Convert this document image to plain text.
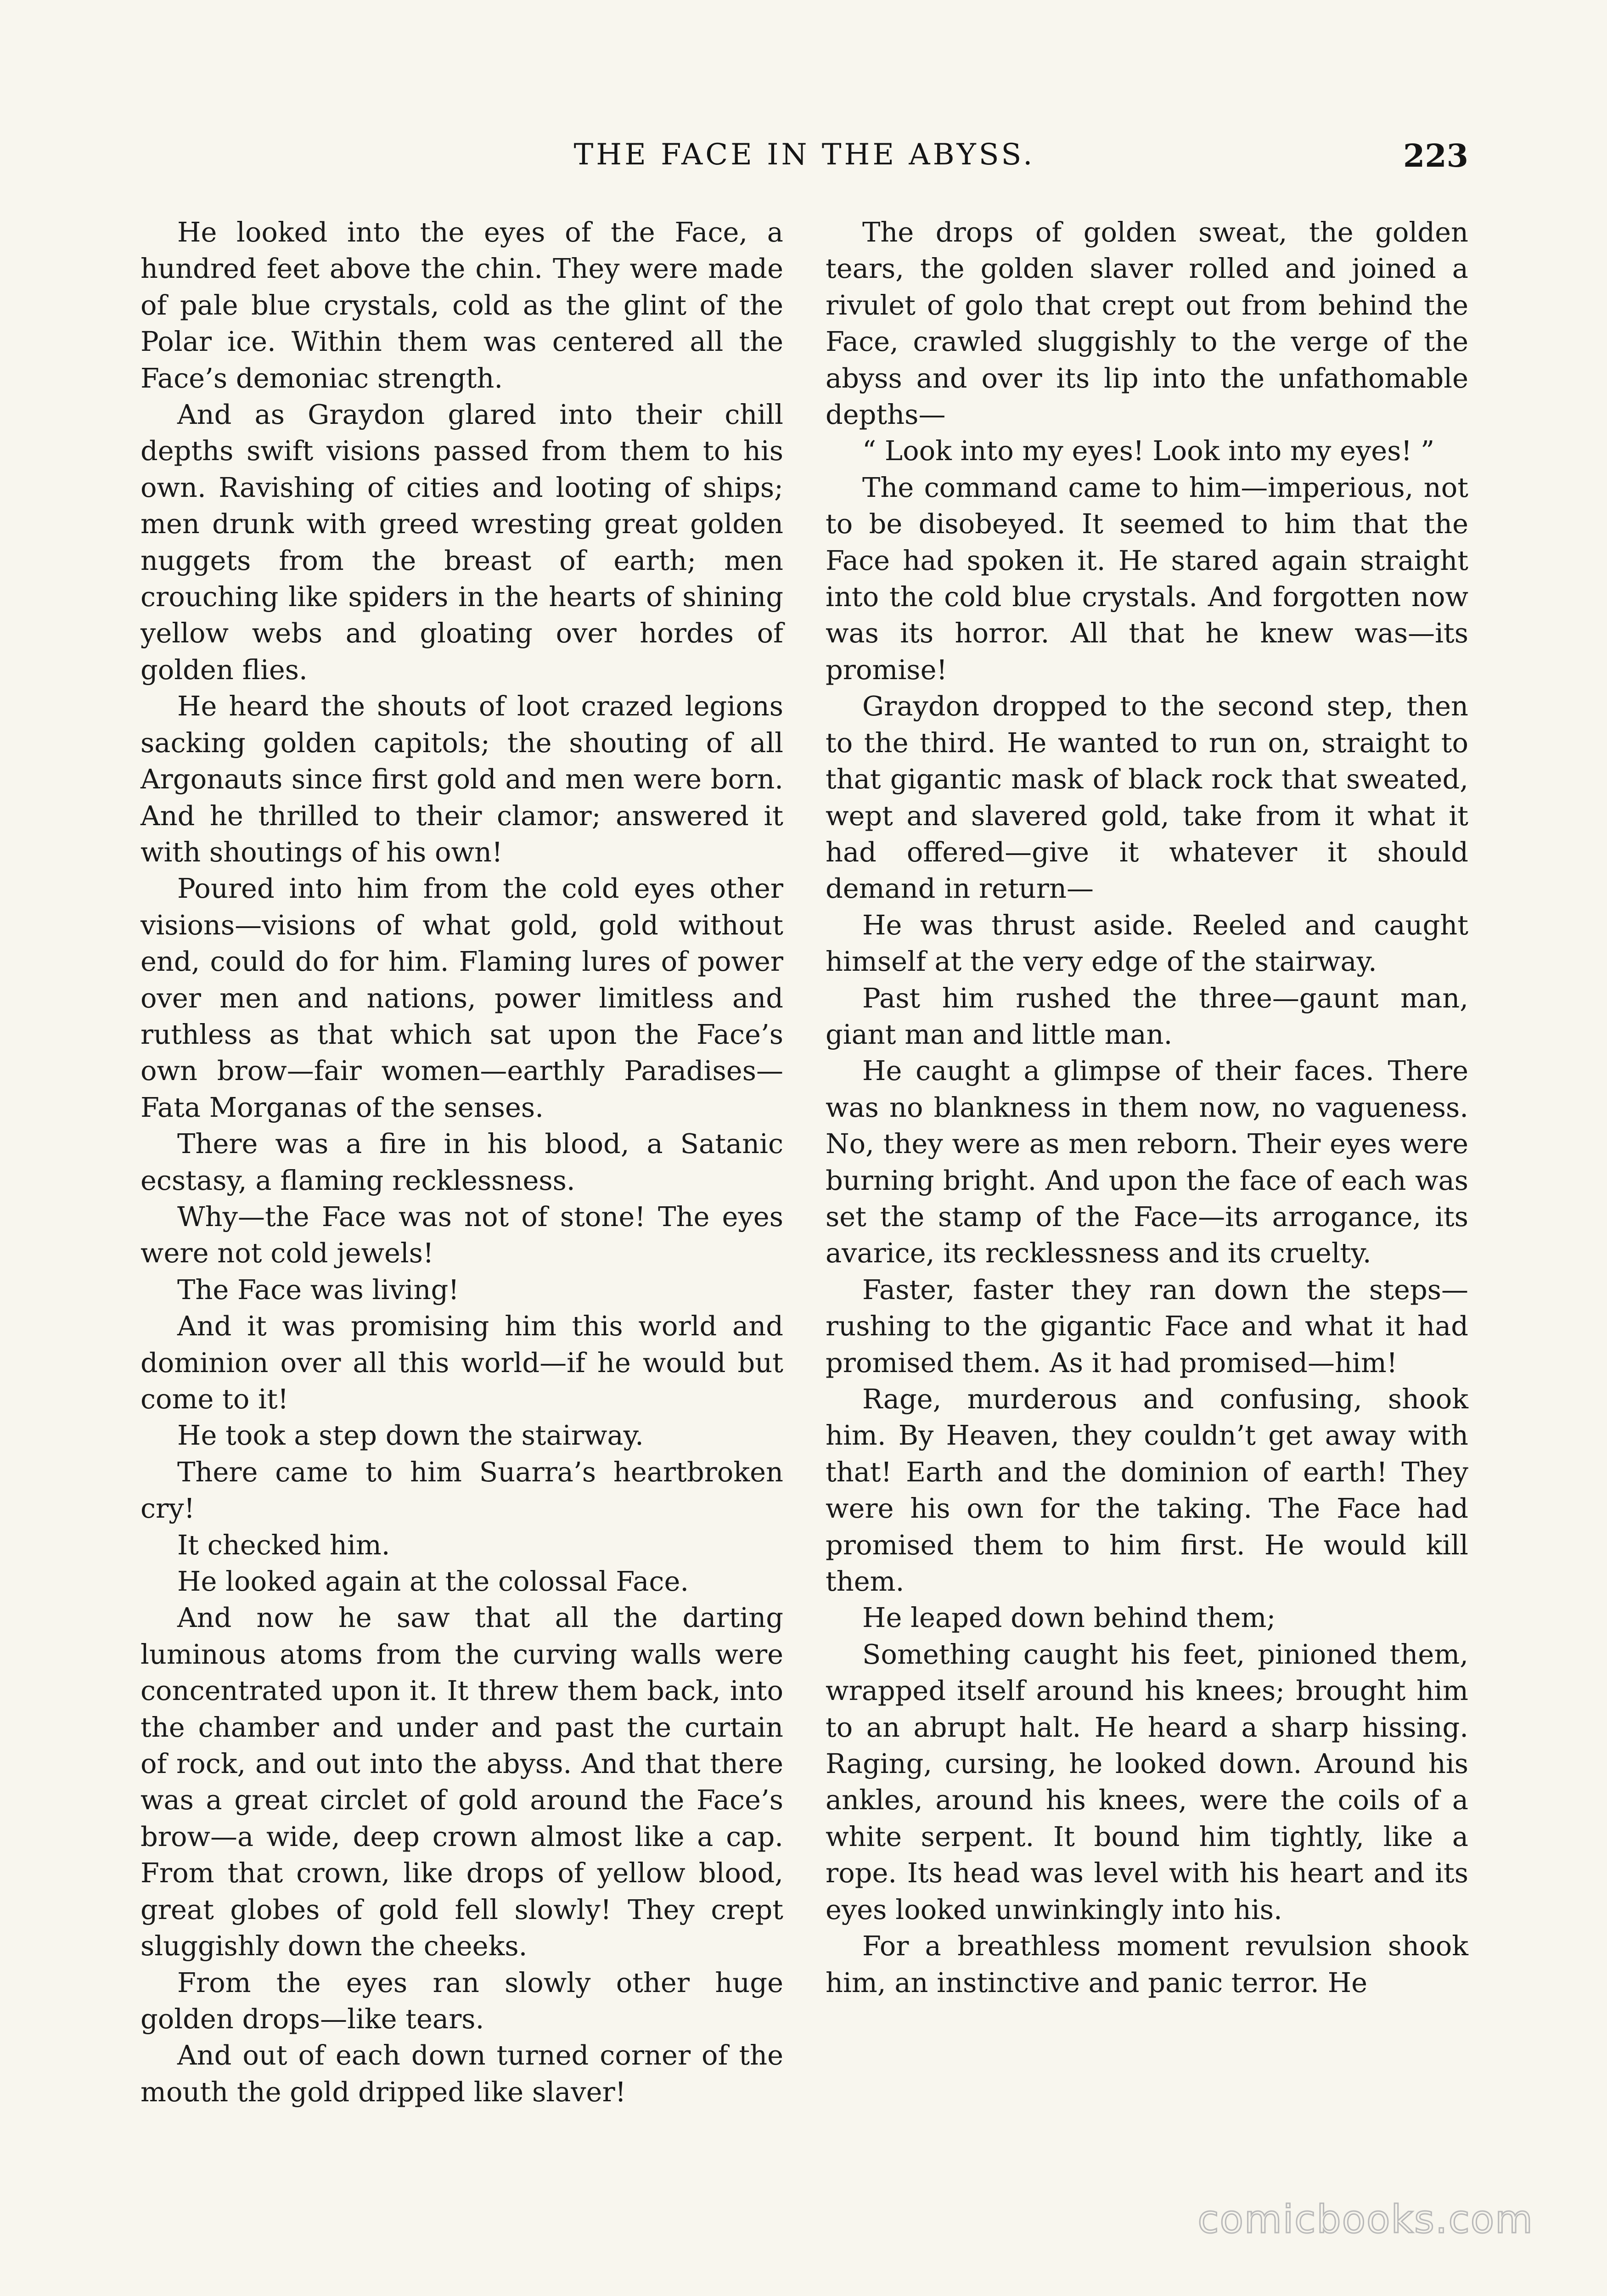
THE FACE IN THE ABYSS.	223

He looked into the eyes of the Face, a hundred feet above the chin. They were made of pale blue crystals, cold as the glint of the Polar ice. Within them was centered all the Face’s demoniac strength.

And as Graydon glared into their chill depths swift visions passed from them to his own. Ravishing of cities and looting of ships; men drunk with greed wresting great golden nuggets from the breast of earth; men crouching like spiders in the hearts of shining yellow webs and gloating over hordes of golden flies.

He heard the shouts of loot crazed legions sacking golden capitols; the shouting of all Argonauts since first gold and men were born. And he thrilled to their clamor; answered it with shoutings of his own!

Poured into him from the cold eyes other visions—visions of what gold, gold without end, could do for him. Flaming lures of power over men and nations, power limitless and ruthless as that which sat upon the Face’s own brow—fair women—earthly Paradises—Fata Morganas of the senses.

There was a fire in his blood, a Satanic ecstasy, a flaming recklessness.

Why—the Face was not of stone! The eyes were not cold jewels!

The Face was living!

And it was promising him this world and dominion over all this world—if he would but come to it!

He took a step down the stairway.

There came to him Suarra’s heartbroken cry!

It checked him.

He looked again at the colossal Face.

And now he saw that all the darting luminous atoms from the curving walls were concentrated upon it. It threw them back, into the chamber and under and past the curtain of rock, and out into the abyss. And that there was a great circlet of gold around the Face’s brow—a wide, deep crown almost like a cap. From that crown, like drops of yellow blood, great globes of gold fell slowly! They crept sluggishly down the cheeks.

From the eyes ran slowly other huge golden drops—like tears.

And out of each down turned corner of the mouth the gold dripped like slaver!

The drops of golden sweat, the golden tears, the golden slaver rolled and joined a rivulet of golo that crept out from behind the Face, crawled sluggishly to the verge of the abyss and over its lip into the unfathomable depths—

“ Look into my eyes! Look into my eyes! ”

The command came to him—imperious, not to be disobeyed. It seemed to him that the Face had spoken it. He stared again straight into the cold blue crystals. And forgotten now was its horror. All that he knew was—its promise!

Graydon dropped to the second step, then to the third. He wanted to run on, straight to that gigantic mask of black rock that sweated, wept and slavered gold, take from it what it had offered—give it whatever it should demand in return—

He was thrust aside. Reeled and caught himself at the very edge of the stairway.

Past him rushed the three—gaunt man, giant man and little man.

He caught a glimpse of their faces. There was no blankness in them now, no vagueness. No, they were as men reborn. Their eyes were burning bright. And upon the face of each was set the stamp of the Face—its arrogance, its avarice, its recklessness and its cruelty.

Faster, faster they ran down the steps—rushing to the gigantic Face and what it had promised them. As it had promised—him!

Rage, murderous and confusing, shook him. By Heaven, they couldn’t get away with that! Earth and the dominion of earth! They were his own for the taking. The Face had promised them to him first. He would kill them.

He leaped down behind them;

Something caught his feet, pinioned them, wrapped itself around his knees; brought him to an abrupt halt. He heard a sharp hissing. Raging, cursing, he looked down. Around his ankles, around his knees, were the coils of a white serpent. It bound him tightly, like a rope. Its head was level with his heart and its eyes looked unwinkingly into his.

For a breathless moment revulsion shook him, an instinctive and panic terror. He

comicbooks.com
